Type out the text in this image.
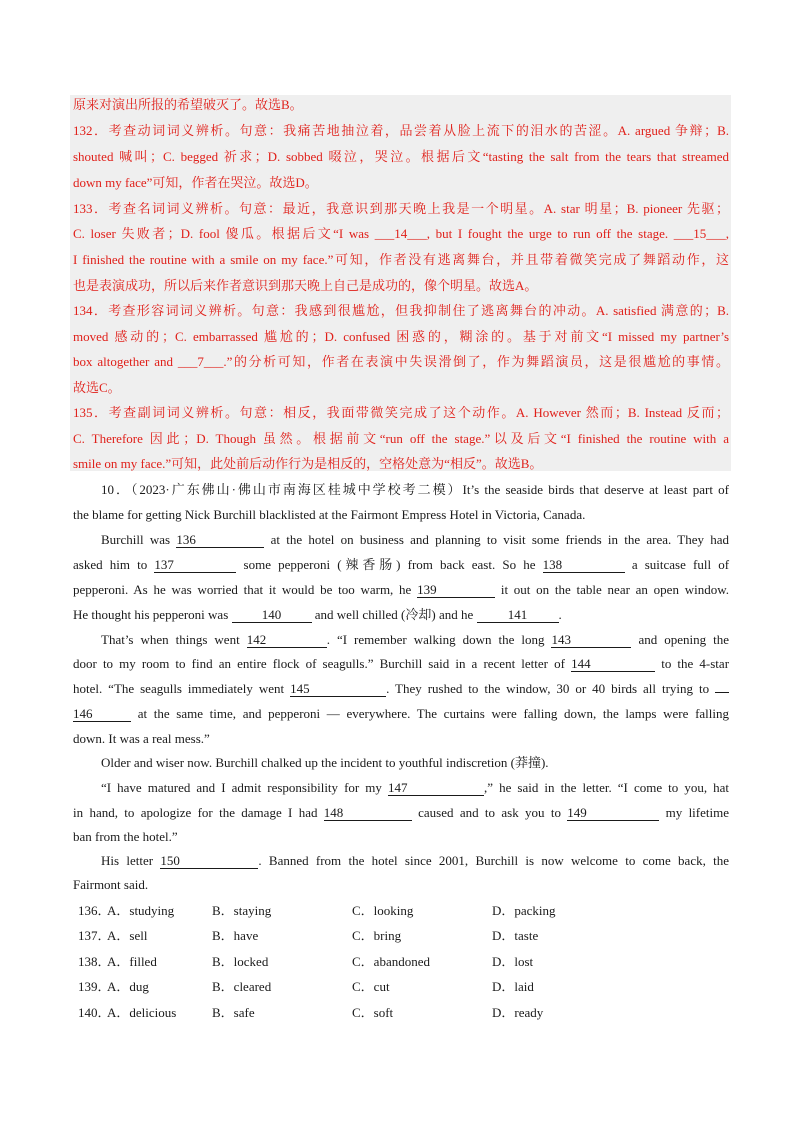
原来对演出所报的希望破灭了。故选B。
132．考查动词词义辨析。句意：我痛苦地抽泣着，品尝着从脸上流下的泪水的苦涩。A. argued 争辩；B.
shouted 喊叫；C. begged 祈求；D. sobbed 啜泣，哭泣。根据后文“tasting the salt from the tears that streamed
down my face”可知，作者在哭泣。故选D。
133．考查名词词义辨析。句意：最近，我意识到那天晚上我是一个明星。A. star 明星；B. pioneer 先驱；
C. loser 失败者；D. fool 傻瓜。根据后文“I was ___14___, but I fought the urge to run off the stage. ___15___,
I finished the routine with a smile on my face.”可知，作者没有逃离舞台，并且带着微笑完成了舞蹈动作，这
也是表演成功，所以后来作者意识到那天晚上自己是成功的，像个明星。故选A。
134．考查形容词词义辨析。句意：我感到很尴尬，但我抑制住了逃离舞台的冲动。A. satisfied 满意的；B.
moved 感动的；C. embarrassed 尴尬的；D. confused 困惑的，糊涂的。基于对前文“I missed my partner’s
box altogether and ___7___.”的分析可知，作者在表演中失误滑倒了，作为舞蹈演员，这是很尴尬的事情。
故选C。
135．考查副词词义辨析。句意：相反，我面带微笑完成了这个动作。A. However 然而；B. Instead 反而；
C. Therefore 因此；D. Though 虽然。根据前文“run off the stage.”以及后文“I finished the routine with a
smile on my face.”可知，此处前后动作行为是相反的，空格处意为“相反”。故选B。
10．（2023·广东佛山·佛山市南海区桂城中学校考二模）It’s the seaside birds that deserve at least part of
the blame for getting Nick Burchill blacklisted at the Fairmont Empress Hotel in Victoria, Canada.
Burchill was 136	at the hotel on business and planning to visit some friends in the area. They had
asked him to 137	some pepperoni (辣香肠) from back east. So he 138	a suitcase full of
pepperoni. As he was worried that it would be too warm, he 139	it out on the table near an open window.
He thought his pepperoni was	140	and well chilled (冷却) and he	141 .
That’s when things went 142	. “I remember walking down the long 143	and opening the
door to my room to find an entire flock of seagulls.” Burchill said in a recent letter of 144	to the 4-star
hotel. “The seagulls immediately went 145	. They rushed to the window, 30 or 40 birds all trying to
146	at the same time, and pepperoni — everywhere. The curtains were falling down, the lamps were falling
down. It was a real mess.”
Older and wiser now. Burchill chalked up the incident to youthful indiscretion (莽撞).
“I have matured and I admit responsibility for my 147	,” he said in the letter. “I come to you, hat
in hand, to apologize for the damage I had 148	caused and to ask you to 149	my lifetime
ban from the hotel.”
His letter 150	. Banned from the hotel since 2001, Burchill is now welcome to come back, the
Fairmont said.
136．
A．studying	B．staying	C．looking	D．packing
137．
A．sell	B．have	C．bring	D．taste
138．
A．filled	B．locked	C．abandoned	D．lost
139．
A．dug	B．cleared	C．cut	D．laid
140．
A．delicious	B．safe	C．soft	D．ready
